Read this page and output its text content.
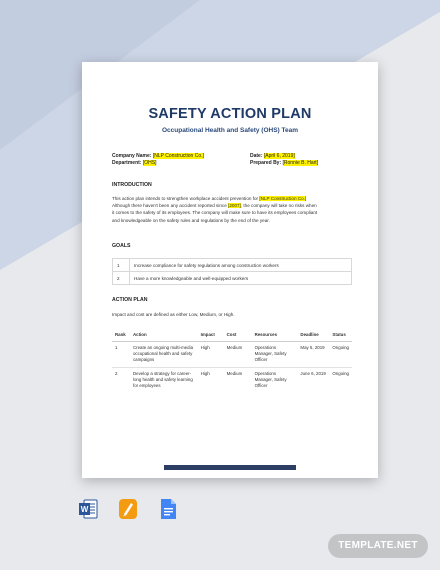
SAFETY ACTION PLAN
Occupational Health and Safety (OHS) Team
Company Name: [NLP Construction Co.]
Department: [OHS]
Date: [April 6, 2019]
Prepared By: [Ronnie B. Hart]
INTRODUCTION
This action plan intends to strengthen workplace accident prevention for [NLP Construction Co.]
Although there haven't been any accident reported since [2007], the company will take no risks when
it comes to the safety of its employees. The company will make sure to have its employees compliant
and knowledgeable on the safety rules and regulations by the end of the year.
GOALS
1	Increase compliance for safety regulations among construction workers
2	Have a more knowledgeable and well-equipped workers
ACTION PLAN
Impact and cost are defined as either Low, Medium, or High.
Rank	Action	Impact	Cost	Resources	Deadline	Status
1	Create an ongoing multi-media occupational health and safety campaigns	High	Medium	Operations Manager, Safety Officer	May 5, 2019	Ongoing
2	Develop a strategy for career-long health and safety learning for employees	High	Medium	Operations Manager, Safety Officer	June 6, 2019	Ongoing
W
TEMPLATE.NET
